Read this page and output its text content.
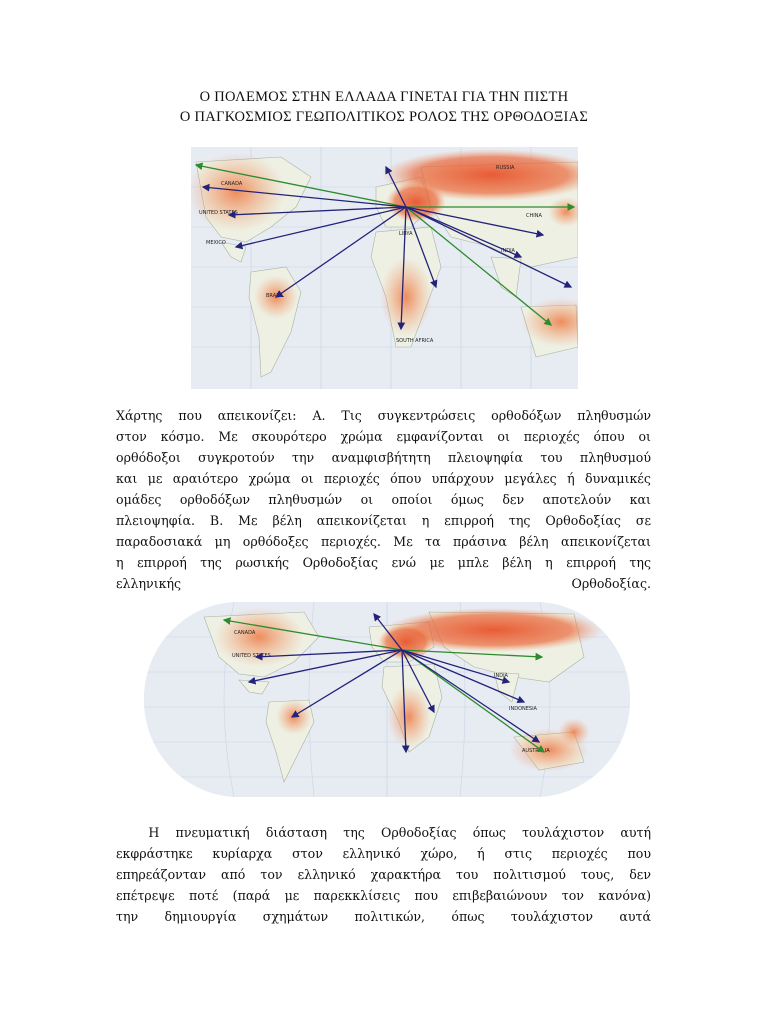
Ο ΠΟΛΕΜΟΣ ΣΤΗΝ ΕΛΛΑΔΑ ΓΙΝΕΤΑΙ ΓΙΑ ΤΗΝ ΠΙΣΤΗ
Ο ΠΑΓΚΟΣΜΙΟΣ ΓΕΩΠΟΛΙΤΙΚΟΣ ΡΟΛΟΣ ΤΗΣ ΟΡΘΟΔΟΞΙΑΣ
RUSSIA
CANADA
UNITED STATES
MEXICO
BRAZIL
CHINA
INDIA
LIBYA
SOUTH AFRICA
Χάρτης που απεικονίζει: Α. Τις συγκεντρώσεις ορθοδόξων πληθυσμών
στον κόσμο. Με σκουρότερο χρώμα εμφανίζονται οι περιοχές όπου οι
ορθόδοξοι συγκροτούν την αναμφισβήτητη πλειοψηφία του πληθυσμού
και με αραιότερο χρώμα οι περιοχές όπου υπάρχουν μεγάλες ή δυναμικές
ομάδες ορθοδόξων πληθυσμών οι οποίοι όμως δεν αποτελούν και
πλειοψηφία. Β. Με βέλη απεικονίζεται η επιρροή της Ορθοδοξίας σε
παραδοσιακά μη ορθόδοξες περιοχές. Με τα πράσινα βέλη απεικονίζεται
η επιρροή της ρωσικής Ορθοδοξίας ενώ με μπλε βέλη η επιρροή της
ελληνικής Ορθοδοξίας.
CANADA
UNITED STATES
INDONESIA
AUSTRALIA
INDIA
Η πνευματική διάσταση της Ορθοδοξίας όπως τουλάχιστον αυτή
εκφράστηκε κυρίαρχα στον ελληνικό χώρο, ή στις περιοχές που
επηρεάζονταν από τον ελληνικό χαρακτήρα του πολιτισμού τους, δεν
επέτρεψε ποτέ (παρά με παρεκκλίσεις που επιβεβαιώνουν τον κανόνα)
την δημιουργία σχημάτων πολιτικών, όπως τουλάχιστον αυτά
